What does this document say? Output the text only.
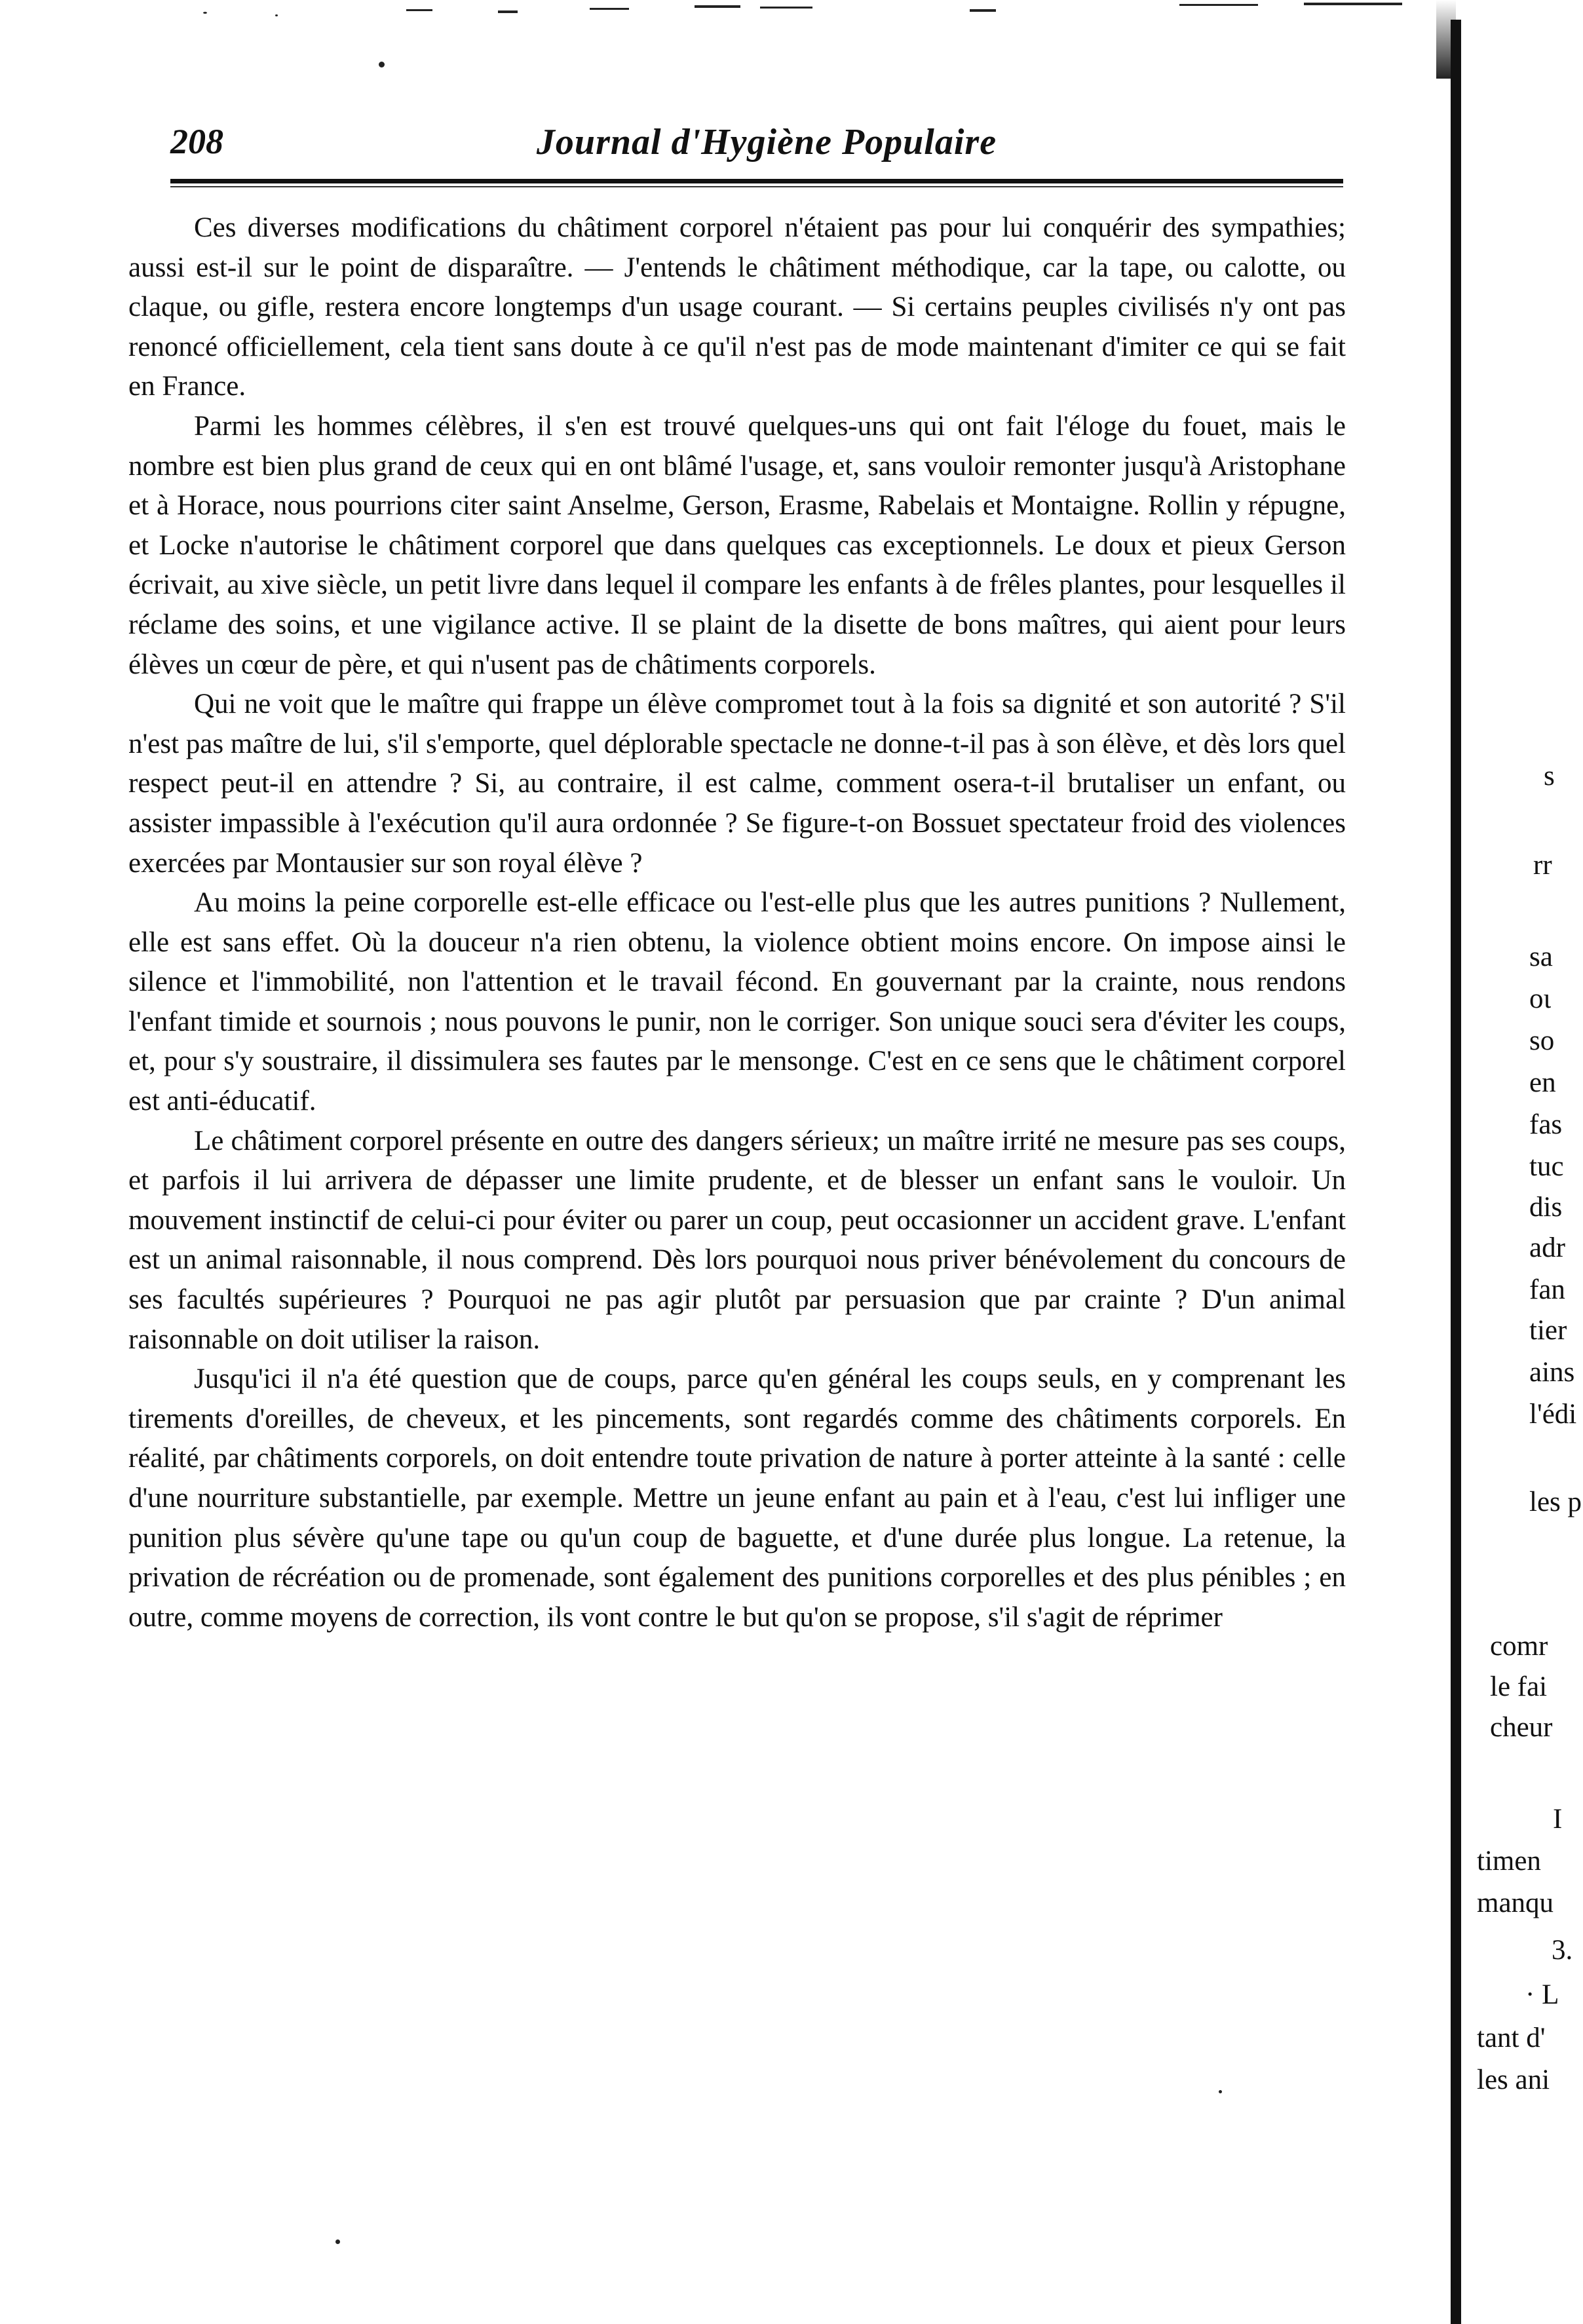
208	Journal d'Hygiène Populaire

Ces diverses modifications du châtiment corporel n'étaient pas pour lui conquérir des sympathies; aussi est-il sur le point de disparaître. — J'entends le châtiment méthodique, car la tape, ou calotte, ou claque, ou gifle, restera encore longtemps d'un usage courant. — Si certains peuples civilisés n'y ont pas renoncé officiellement, cela tient sans doute à ce qu'il n'est pas de mode maintenant d'imiter ce qui se fait en France.

Parmi les hommes célèbres, il s'en est trouvé quelques-uns qui ont fait l'éloge du fouet, mais le nombre est bien plus grand de ceux qui en ont blâmé l'usage, et, sans vouloir remonter jusqu'à Aristophane et à Horace, nous pourrions citer saint Anselme, Gerson, Erasme, Rabelais et Montaigne. Rollin y répugne, et Locke n'autorise le châtiment corporel que dans quelques cas exceptionnels. Le doux et pieux Gerson écrivait, au xive siècle, un petit livre dans lequel il compare les enfants à de frêles plantes, pour lesquelles il réclame des soins, et une vigilance active. Il se plaint de la disette de bons maîtres, qui aient pour leurs élèves un cœur de père, et qui n'usent pas de châtiments corporels.

Qui ne voit que le maître qui frappe un élève compromet tout à la fois sa dignité et son autorité ? S'il n'est pas maître de lui, s'il s'emporte, quel déplorable spectacle ne donne-t-il pas à son élève, et dès lors quel respect peut-il en attendre ? Si, au contraire, il est calme, comment osera-t-il brutaliser un enfant, ou assister impassible à l'exécution qu'il aura ordonnée ? Se figure-t-on Bossuet spectateur froid des violences exercées par Montausier sur son royal élève ?

Au moins la peine corporelle est-elle efficace ou l'est-elle plus que les autres punitions ? Nullement, elle est sans effet. Où la douceur n'a rien obtenu, la violence obtient moins encore. On impose ainsi le silence et l'immobilité, non l'attention et le travail fécond. En gouvernant par la crainte, nous rendons l'enfant timide et sournois ; nous pouvons le punir, non le corriger. Son unique souci sera d'éviter les coups, et, pour s'y soustraire, il dissimulera ses fautes par le mensonge. C'est en ce sens que le châtiment corporel est anti-éducatif.

Le châtiment corporel présente en outre des dangers sérieux; un maître irrité ne mesure pas ses coups, et parfois il lui arrivera de dépasser une limite prudente, et de blesser un enfant sans le vouloir. Un mouvement instinctif de celui-ci pour éviter ou parer un coup, peut occasionner un accident grave. L'enfant est un animal raisonnable, il nous comprend. Dès lors pourquoi nous priver bénévolement du concours de ses facultés supérieures ? Pourquoi ne pas agir plutôt par persuasion que par crainte ? D'un animal raisonnable on doit utiliser la raison.

Jusqu'ici il n'a été question que de coups, parce qu'en général les coups seuls, en y comprenant les tirements d'oreilles, de cheveux, et les pincements, sont regardés comme des châtiments corporels. En réalité, par châtiments corporels, on doit entendre toute privation de nature à porter atteinte à la santé : celle d'une nourriture substantielle, par exemple. Mettre un jeune enfant au pain et à l'eau, c'est lui infliger une punition plus sévère qu'une tape ou qu'un coup de baguette, et d'une durée plus longue. La retenue, la privation de récréation ou de promenade, sont également des punitions corporelles et des plus pénibles ; en outre, comme moyens de correction, ils vont contre le but qu'on se propose, s'il s'agit de réprimer

s
rr
sa
oι
so
en
fas
tuc
dis
adr
fan
tier
ains
l'édi
les p
comr
le fai
cheur
I
timen
manqu
3.
· L
tant d'
les ani
